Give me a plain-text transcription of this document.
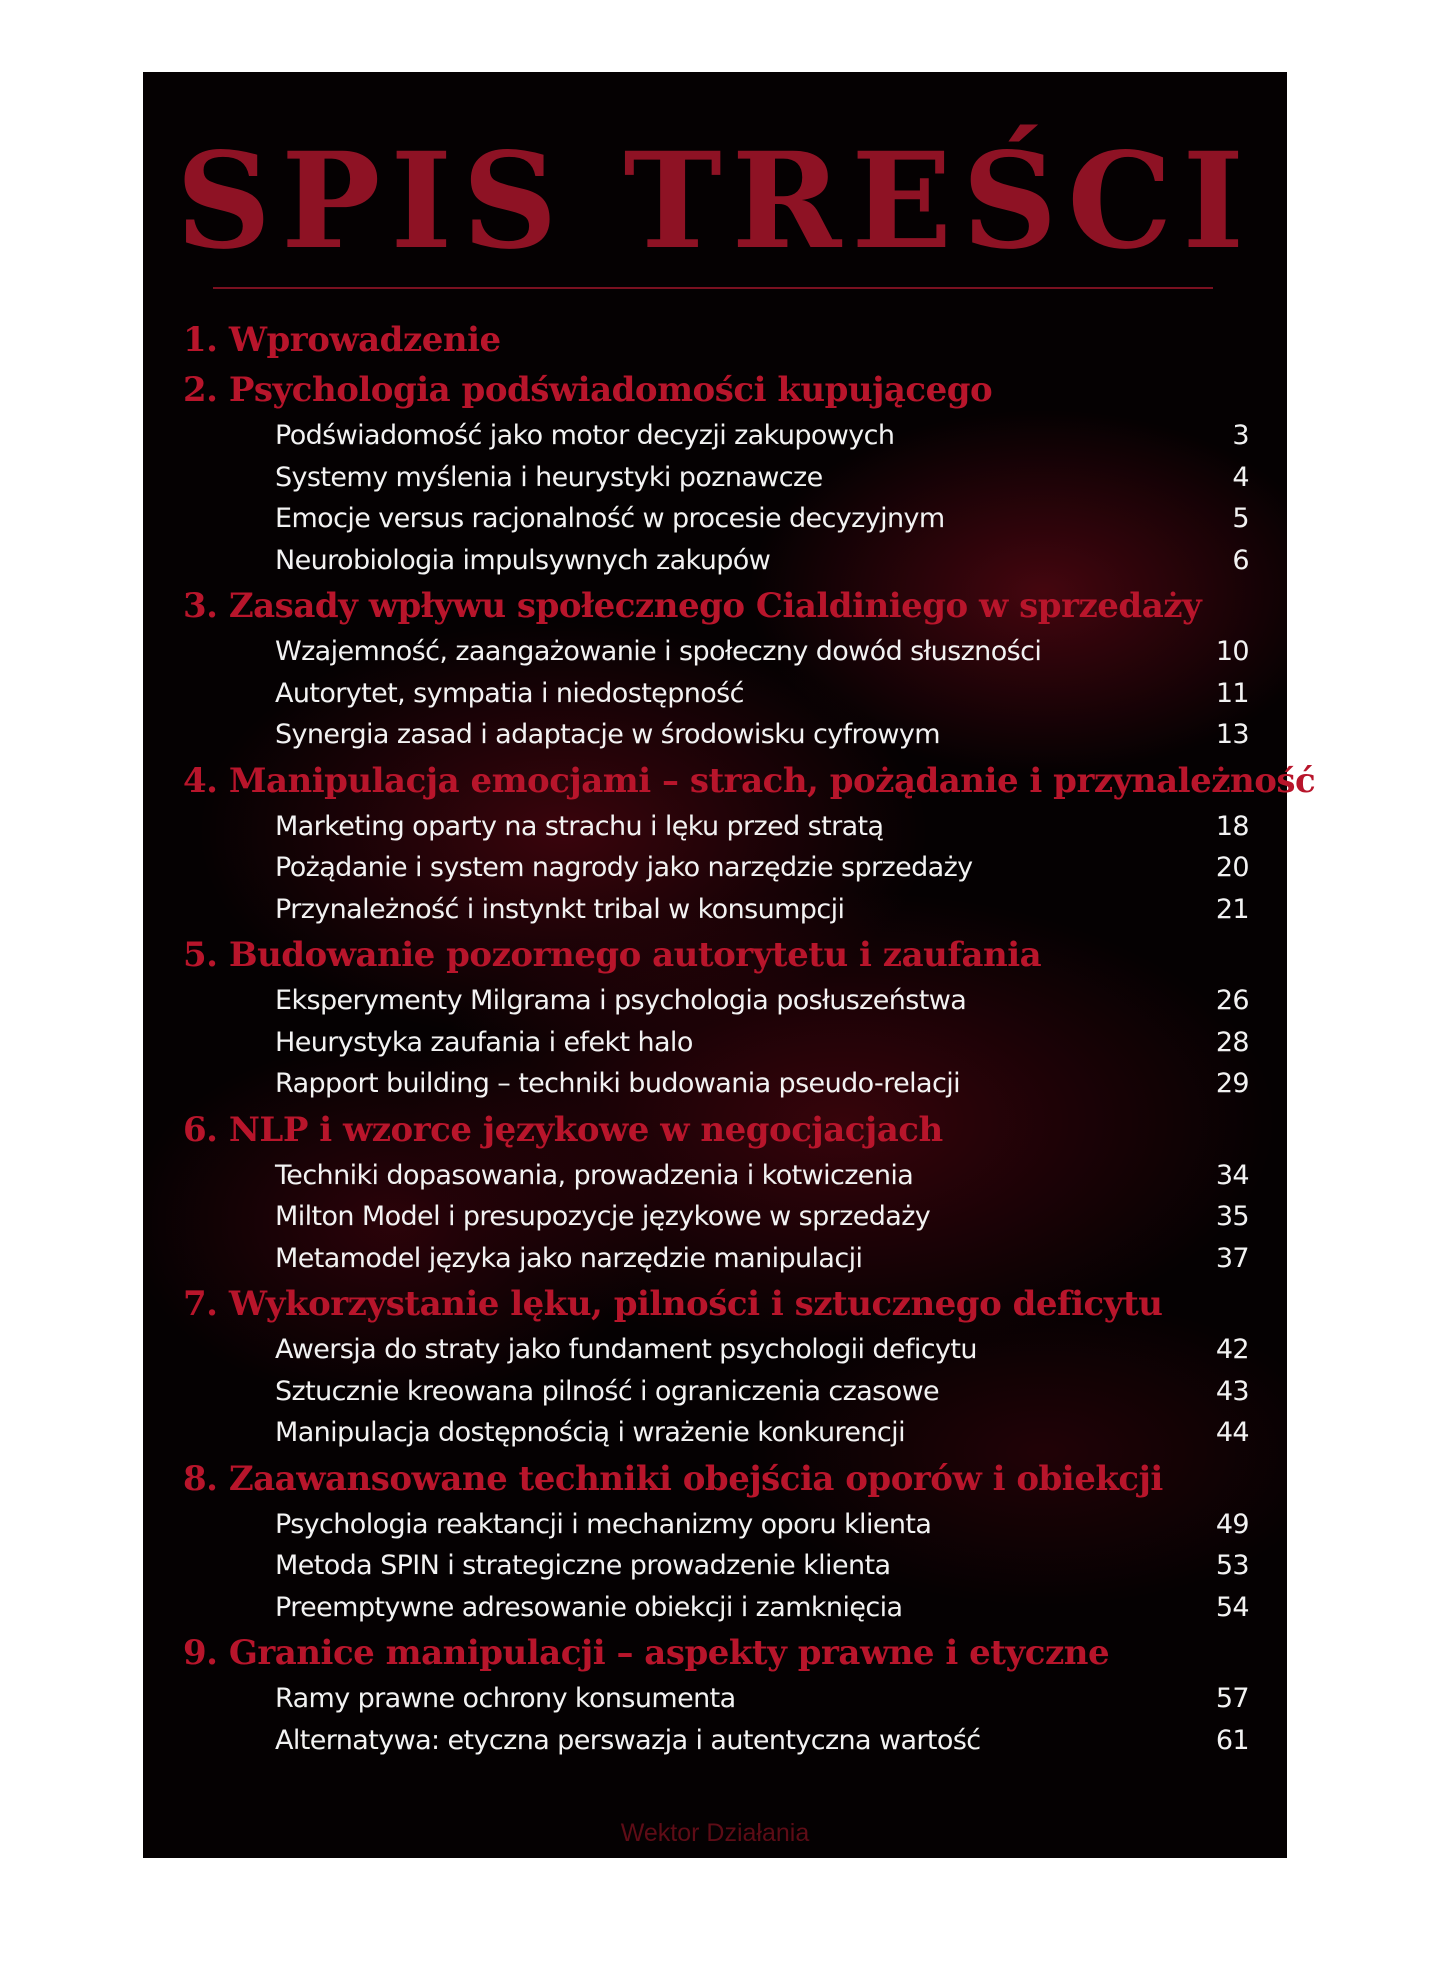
SPIS TREŚCI
1. Wprowadzenie
2. Psychologia podświadomości kupującego
Podświadomość jako motor decyzji zakupowych	3
Systemy myślenia i heurystyki poznawcze	4
Emocje versus racjonalność w procesie decyzyjnym	5
Neurobiologia impulsywnych zakupów	6
3. Zasady wpływu społecznego Cialdiniego w sprzedaży
Wzajemność, zaangażowanie i społeczny dowód słuszności	10
Autorytet, sympatia i niedostępność	11
Synergia zasad i adaptacje w środowisku cyfrowym	13
4. Manipulacja emocjami – strach, pożądanie i przynależność
Marketing oparty na strachu i lęku przed stratą	18
Pożądanie i system nagrody jako narzędzie sprzedaży	20
Przynależność i instynkt tribal w konsumpcji	21
5. Budowanie pozornego autorytetu i zaufania
Eksperymenty Milgrama i psychologia posłuszeństwa	26
Heurystyka zaufania i efekt halo	28
Rapport building – techniki budowania pseudo-relacji	29
6. NLP i wzorce językowe w negocjacjach
Techniki dopasowania, prowadzenia i kotwiczenia	34
Milton Model i presupozycje językowe w sprzedaży	35
Metamodel języka jako narzędzie manipulacji	37
7. Wykorzystanie lęku, pilności i sztucznego deficytu
Awersja do straty jako fundament psychologii deficytu	42
Sztucznie kreowana pilność i ograniczenia czasowe	43
Manipulacja dostępnością i wrażenie konkurencji	44
8. Zaawansowane techniki obejścia oporów i obiekcji
Psychologia reaktancji i mechanizmy oporu klienta	49
Metoda SPIN i strategiczne prowadzenie klienta	53
Preemptywne adresowanie obiekcji i zamknięcia	54
9. Granice manipulacji – aspekty prawne i etyczne
Ramy prawne ochrony konsumenta	57
Alternatywa: etyczna perswazja i autentyczna wartość	61
Wektor Działania
